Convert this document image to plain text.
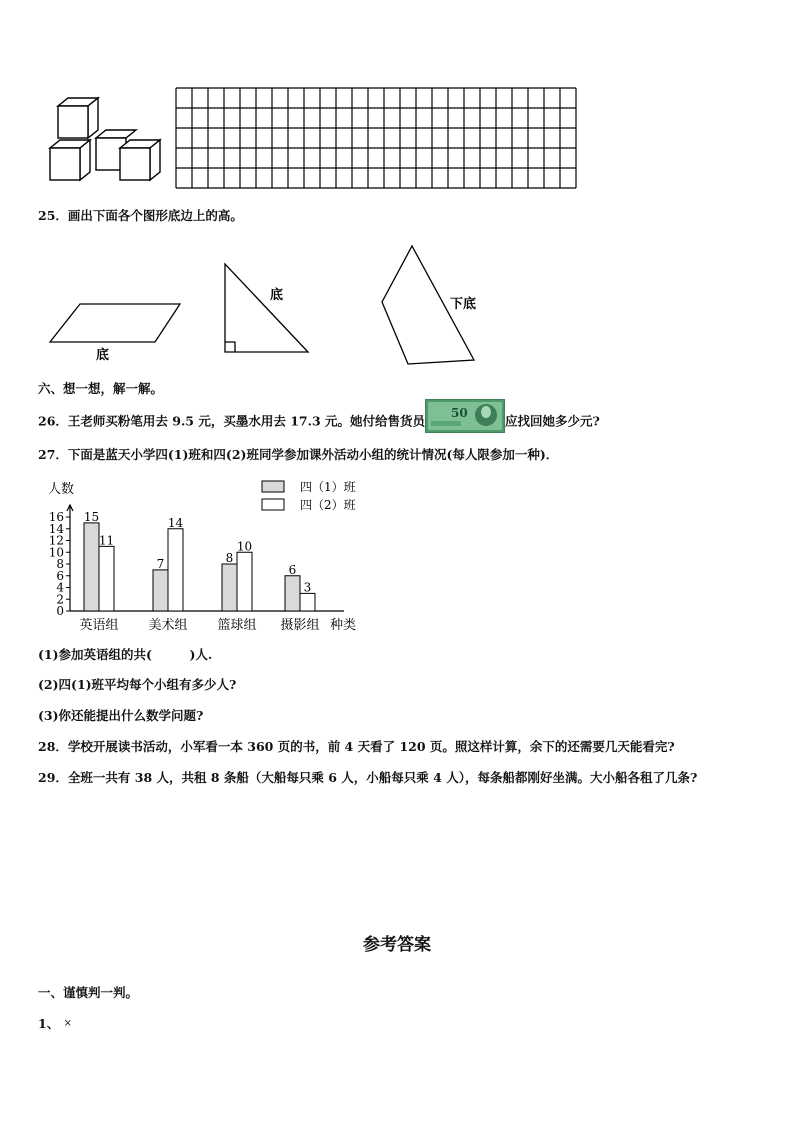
25．画出下面各个图形底边上的高。
底
底
下底
六、想一想，解一解。
26．王老师买粉笔用去 9.5 元，买墨水用去 17.3 元。她付给售货员
50
应找回她多少元?
27．下面是蓝天小学四(1)班和四(2)班同学参加课外活动小组的统计情况(每人限参加一种)．
人数
种类
0
2
4
6
8
10
12
14
16 15
11
英语组
7
14
美术组
8
10
篮球组
6
3
摄影组
四（1）班
四（2）班
(1)参加英语组的共(　　　)人.
(2)四(1)班平均每个小组有多少人?
(3)你还能提出什么数学问题?
28．学校开展读书活动，小军看一本 360 页的书，前 4 天看了 120 页。照这样计算，余下的还需要几天能看完?
29．全班一共有 38 人，共租 8 条船（大船每只乘 6 人，小船每只乘 4 人），每条船都刚好坐满。大小船各租了几条?
参考答案
一、谨慎判一判。
1、 ×
